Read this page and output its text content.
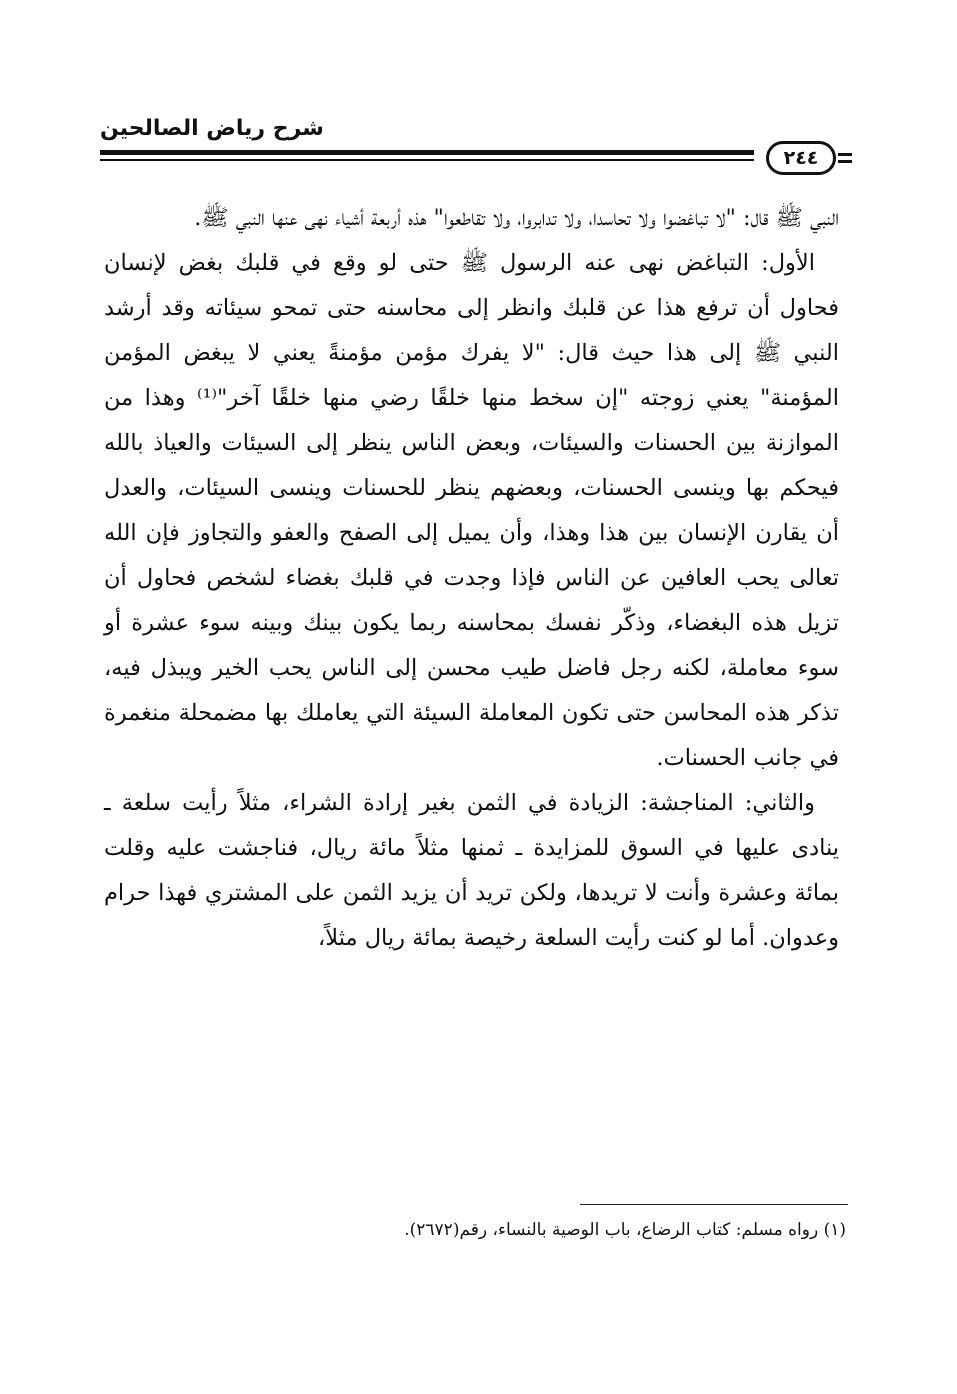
شرح رياض الصالحين
٢٤٤

النبي ﷺ قال: "لا تباغضوا ولا تحاسدا، ولا تدابروا، ولا تقاطعوا" هذه أربعة أشياء نهى عنها النبي ﷺ.

الأول: التباغض نهى عنه الرسول ﷺ حتى لو وقع في قلبك بغض لإنسان فحاول أن ترفع هذا عن قلبك وانظر إلى محاسنه حتى تمحو سيئاته وقد أرشد النبي ﷺ إلى هذا حيث قال: "لا يفرك مؤمن مؤمنةً يعني لا يبغض المؤمن المؤمنة" يعني زوجته "إن سخط منها خلقًا رضي منها خلقًا آخر"⁽¹⁾ وهذا من الموازنة بين الحسنات والسيئات، وبعض الناس ينظر إلى السيئات والعياذ بالله فيحكم بها وينسى الحسنات، وبعضهم ينظر للحسنات وينسى السيئات، والعدل أن يقارن الإنسان بين هذا وهذا، وأن يميل إلى الصفح والعفو والتجاوز فإن الله تعالى يحب العافين عن الناس فإذا وجدت في قلبك بغضاء لشخص فحاول أن تزيل هذه البغضاء، وذكّر نفسك بمحاسنه ربما يكون بينك وبينه سوء عشرة أو سوء معاملة، لكنه رجل فاضل طيب محسن إلى الناس يحب الخير ويبذل فيه، تذكر هذه المحاسن حتى تكون المعاملة السيئة التي يعاملك بها مضمحلة منغمرة في جانب الحسنات.

والثاني: المناجشة: الزيادة في الثمن بغير إرادة الشراء، مثلاً رأيت سلعة ـ ينادى عليها في السوق للمزايدة ـ ثمنها مثلاً مائة ريال، فناجشت عليه وقلت بمائة وعشرة وأنت لا تريدها، ولكن تريد أن يزيد الثمن على المشتري فهذا حرام وعدوان. أما لو كنت رأيت السلعة رخيصة بمائة ريال مثلاً،

(١) رواه مسلم: كتاب الرضاع، باب الوصية بالنساء، رقم(٢٦٧٢).
